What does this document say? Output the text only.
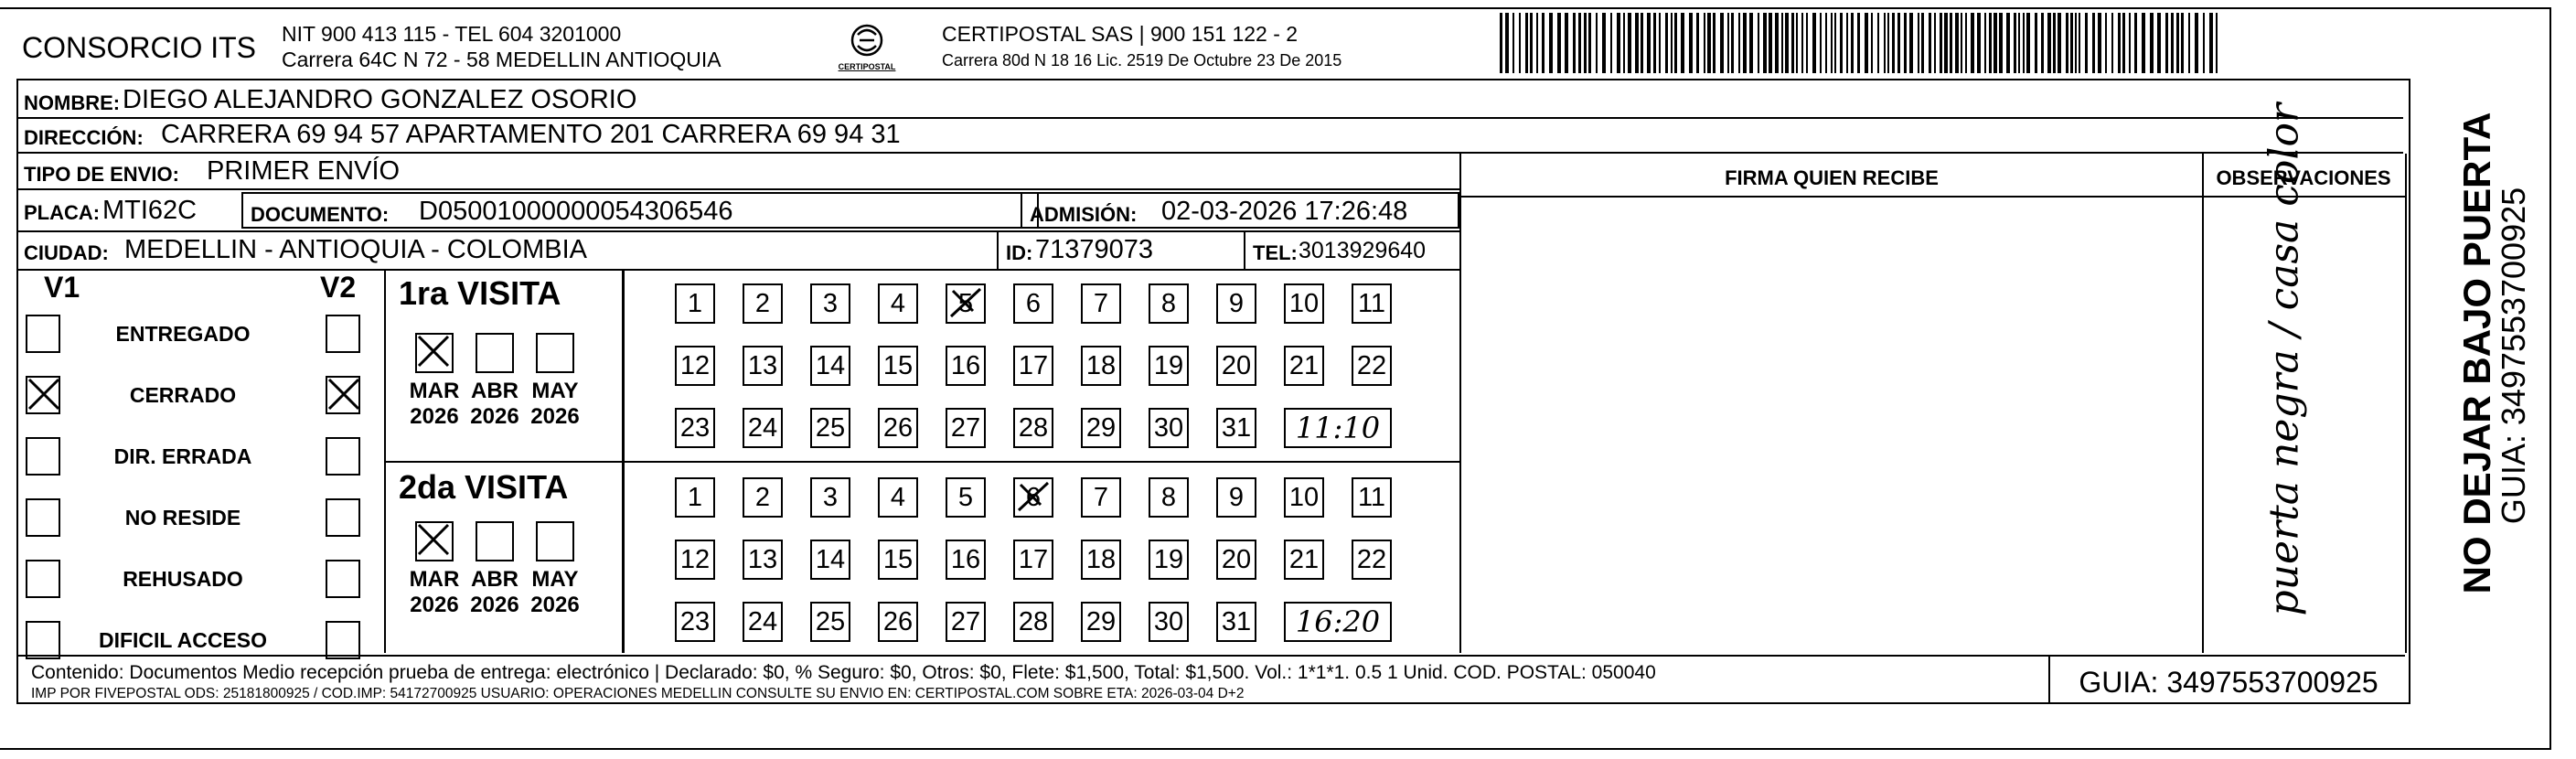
CONSORCIO ITS NIT 900 413 115 - TEL 604 3201000
Carrera 64C N 72 - 58 MEDELLIN ANTIOQUIA	CERTIPOSTAL
CERTIPOSTAL SAS | 900 151 122 - 2
Carrera 80d N 18 16 Lic. 2519 De Octubre 23 De 2015
NOMBRE: DIEGO ALEJANDRO GONZALEZ OSORIO
DIRECCIÓN: CARRERA 69 94 57 APARTAMENTO 201 CARRERA 69 94 31
TIPO DE ENVIO: PRIMER ENVÍO	FIRMA QUIEN RECIBE	OBSERVACIONES
puerta negra / casa color
PLACA: MTI62C	DOCUMENTO: D05001000000054306546	ADMISIÓN: 02-03-2026 17:26:48
CIUDAD: MEDELLIN - ANTIOQUIA - COLOMBIA	ID: 71379073	TEL: 3013929640
V1	V2
ENTREGADO
CERRADO
DIR. ERRADA
NO RESIDE
REHUSADO
DIFICIL ACCESO
1ra VISITA
MAR
2026
ABR
2026
MAY
2026
1	2	3	4	5	6	7	8	9	10 11
12 13 14 15 16 17 18 19 20 21 22
23 24 25 26 27 28 29 30 31	11:10
2da VISITA
MAR
2026
ABR
2026
MAY
2026
1	2	3	4	5	6	7	8	9	10 11
12 13 14 15 16 17 18 19 20 21 22
23 24 25 26 27 28 29 30 31	16:20
Contenido: Documentos Medio recepción prueba de entrega: electrónico | Declarado: $0, % Seguro: $0, Otros: $0, Flete: $1,500, Total: $1,500. Vol.: 1*1*1. 0.5 1 Unid. COD. POSTAL: 050040
IMP POR FIVEPOSTAL ODS: 25181800925 / COD.IMP: 54172700925 USUARIO: OPERACIONES MEDELLIN CONSULTE SU ENVIO EN: CERTIPOSTAL.COM SOBRE ETA: 2026-03-04 D+2	GUIA: 3497553700925
NO DEJAR BAJO PUERTA
GUIA: 3497553700925
